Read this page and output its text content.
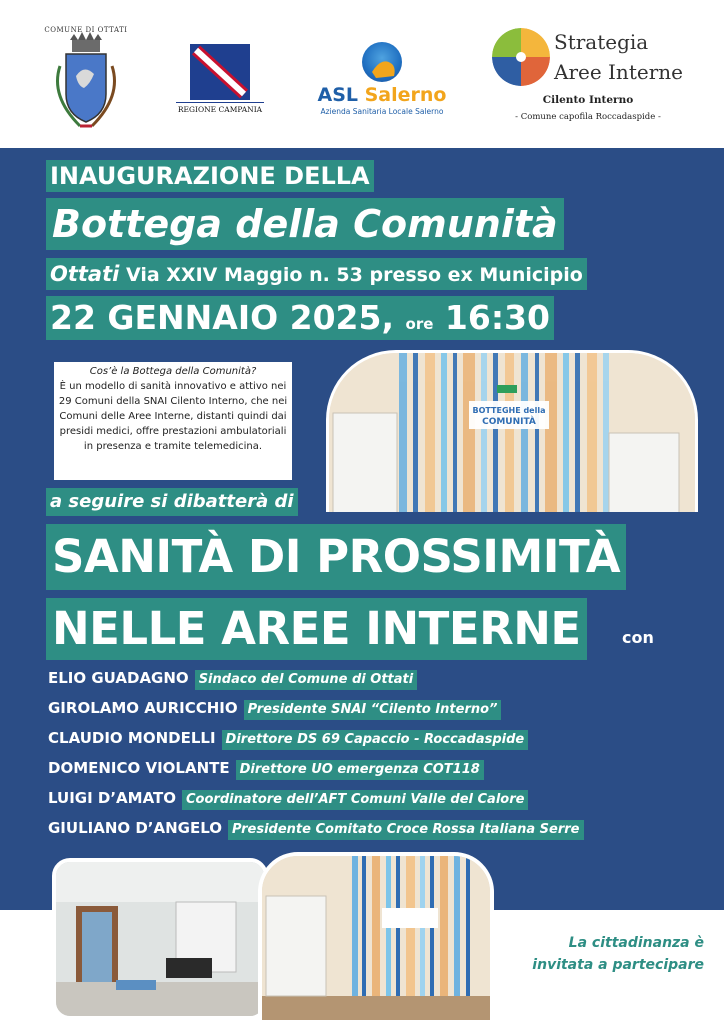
COMUNE DI OTTATI
REGIONE CAMPANIA
ASL Salerno
Azienda Sanitaria Locale Salerno
Strategia
Aree Interne
Cilento Interno
- Comune capofila Roccadaspide -
INAUGURAZIONE DELLA
Bottega della Comunità
Ottati Via XXIV Maggio n. 53 presso ex Municipio
22 GENNAIO 2025, ore 16:30
Cos’è la Bottega della Comunità?
È un modello di sanità innovativo e attivo nei 29 Comuni della SNAI Cilento Interno, che nei Comuni delle Aree Interne, distanti quindi dai presidi medici, offre prestazioni ambulatoriali in presenza e tramite telemedicina.
BOTTEGHE della
COMUNITÀ
a seguire si dibatterà di
SANITÀ DI PROSSIMITÀ
NELLE AREE INTERNE	con
ELIO GUADAGNO Sindaco del Comune di Ottati
GIROLAMO AURICCHIO Presidente SNAI “Cilento Interno”
CLAUDIO MONDELLI Direttore DS 69 Capaccio - Roccadaspide
DOMENICO VIOLANTE Direttore UO emergenza COT118
LUIGI D’AMATO Coordinatore dell’AFT Comuni Valle del Calore
GIULIANO D’ANGELO Presidente Comitato Croce Rossa Italiana Serre
La cittadinanza è
invitata a partecipare
